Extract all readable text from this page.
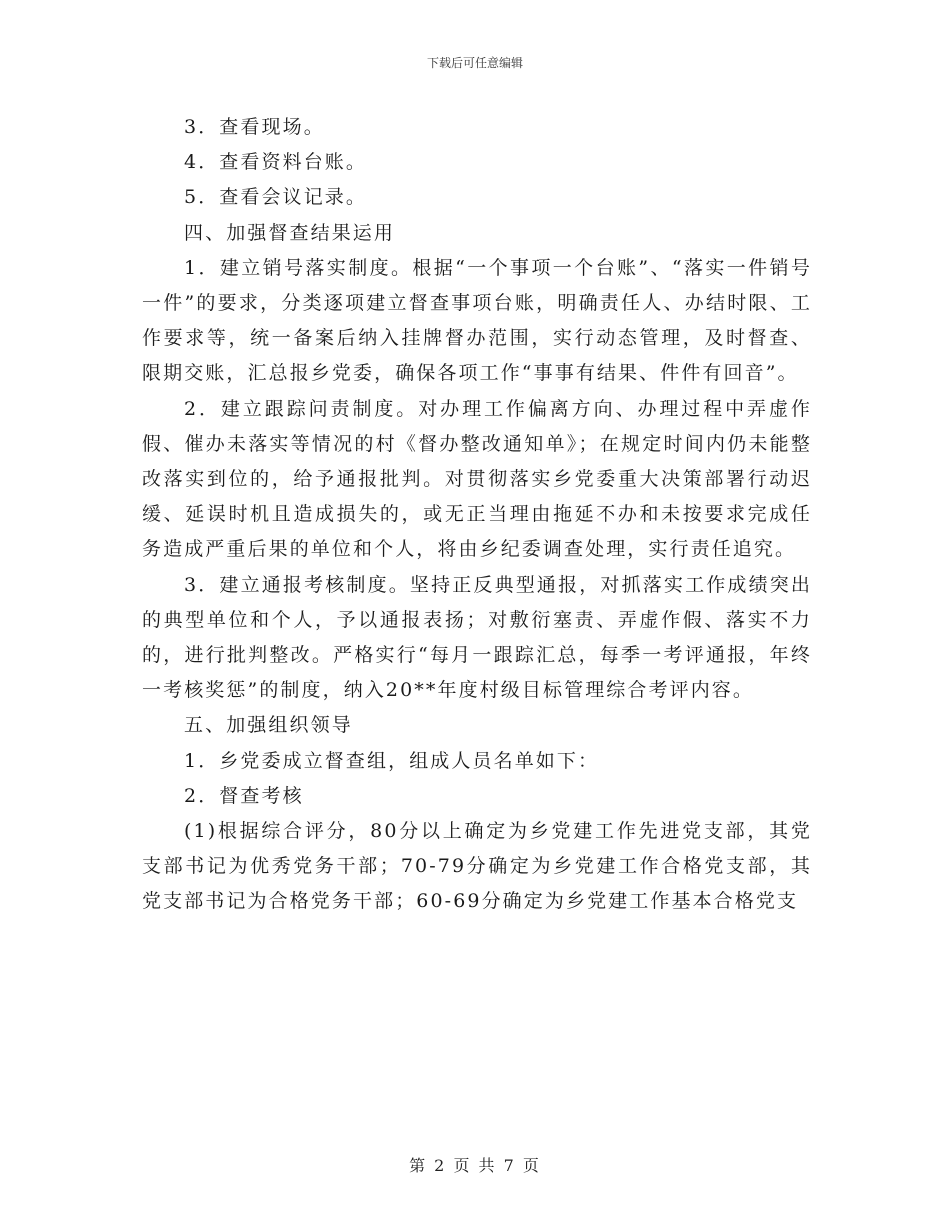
下载后可任意编辑

3．查看现场。

4．查看资料台账。

5．查看会议记录。

四、加强督查结果运用

1．建立销号落实制度。根据“一个事项一个台账”、“落实一件销号一件”的要求，分类逐项建立督查事项台账，明确责任人、办结时限、工作要求等，统一备案后纳入挂牌督办范围，实行动态管理，及时督查、限期交账，汇总报乡党委，确保各项工作“事事有结果、件件有回音”。

2．建立跟踪问责制度。对办理工作偏离方向、办理过程中弄虚作假、催办未落实等情况的村《督办整改通知单》；在规定时间内仍未能整改落实到位的，给予通报批判。对贯彻落实乡党委重大决策部署行动迟缓、延误时机且造成损失的，或无正当理由拖延不办和未按要求完成任务造成严重后果的单位和个人，将由乡纪委调查处理，实行责任追究。

3．建立通报考核制度。坚持正反典型通报，对抓落实工作成绩突出的典型单位和个人，予以通报表扬；对敷衍塞责、弄虚作假、落实不力的，进行批判整改。严格实行“每月一跟踪汇总，每季一考评通报，年终一考核奖惩”的制度，纳入20**年度村级目标管理综合考评内容。

五、加强组织领导

1．乡党委成立督查组，组成人员名单如下：

2．督查考核

(1)根据综合评分，80分以上确定为乡党建工作先进党支部，其党支部书记为优秀党务干部；70-79分确定为乡党建工作合格党支部，其党支部书记为合格党务干部；60-69分确定为乡党建工作基本合格党支

第 2 页 共 7 页
